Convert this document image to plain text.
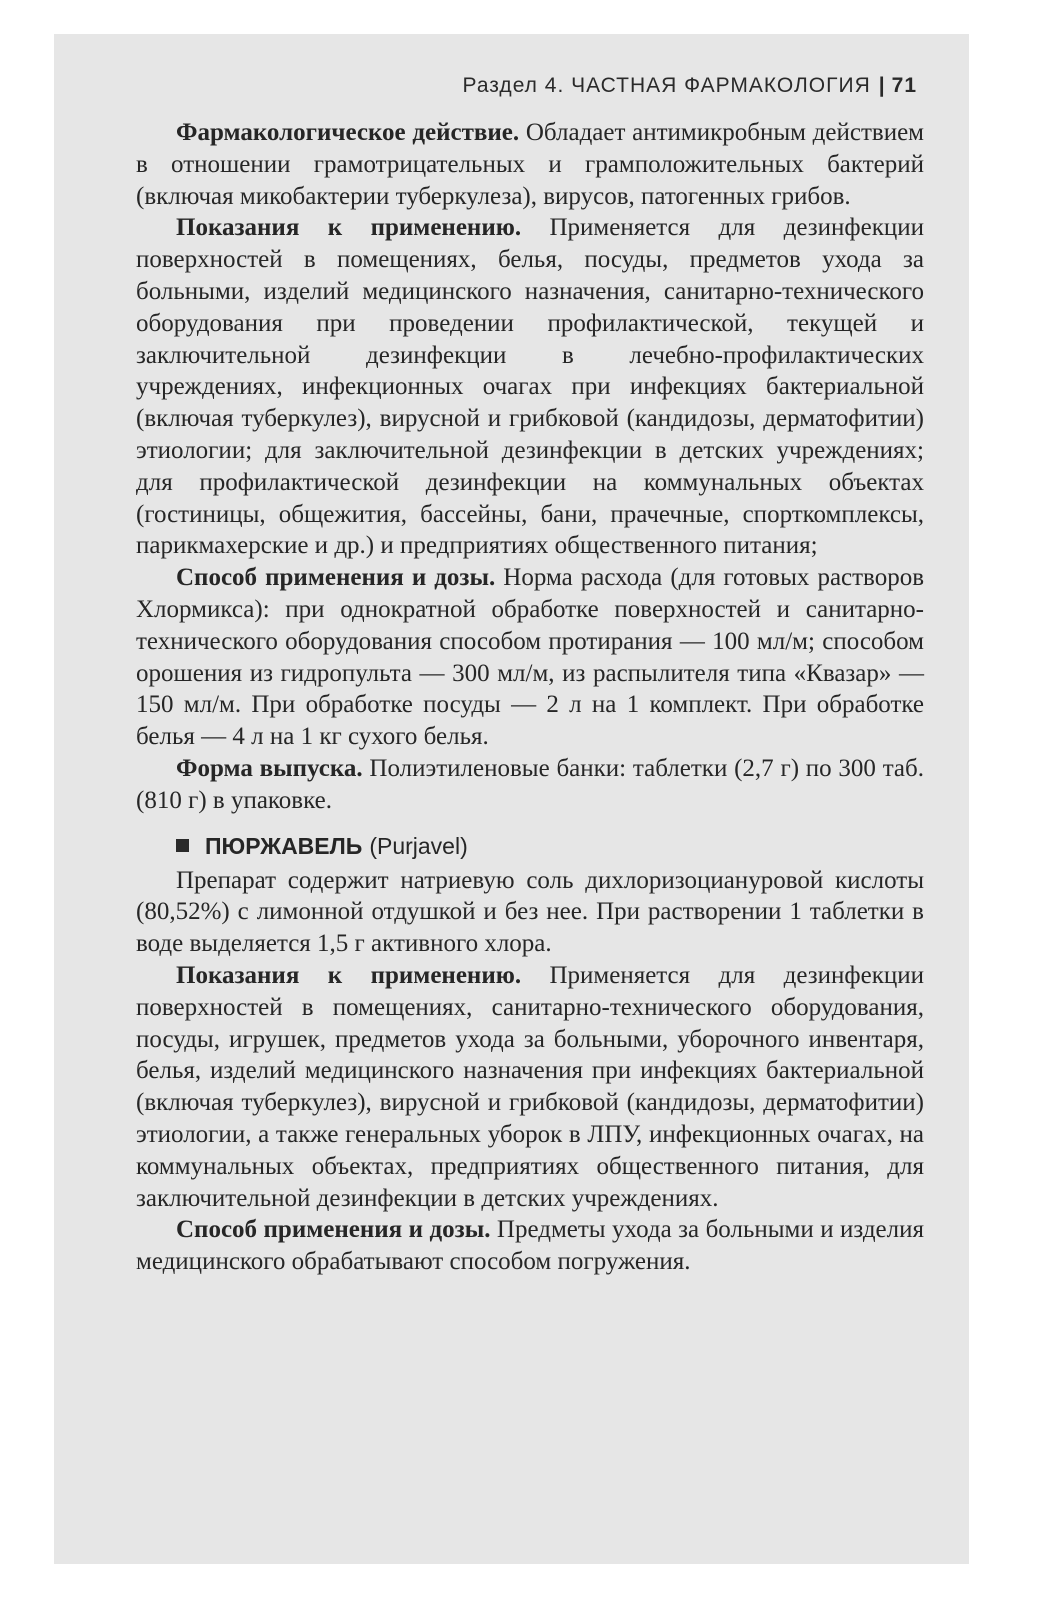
Раздел 4. ЧАСТНАЯ ФАРМАКОЛОГИЯ | 71

Фармакологическое действие. Обладает антимикробным действием в отношении грамотрицательных и грамположительных бактерий (включая микобактерии туберкулеза), вирусов, патогенных грибов.

Показания к применению. Применяется для дезинфекции поверхностей в помещениях, белья, посуды, предметов ухода за больными, изделий медицинского назначения, санитарно-технического оборудования при проведении профилактической, текущей и заключительной дезинфекции в лечебно-профилактических учреждениях, инфекционных очагах при инфекциях бактериальной (включая туберкулез), вирусной и грибковой (кандидозы, дерматофитии) этиологии; для заключительной дезинфекции в детских учреждениях; для профилактической дезинфекции на коммунальных объектах (гостиницы, общежития, бассейны, бани, прачечные, спорткомплексы, парикмахерские и др.) и предприятиях общественного питания;

Способ применения и дозы. Норма расхода (для готовых растворов Хлормикса): при однократной обработке поверхностей и санитарно-технического оборудования способом протирания — 100 мл/м; способом орошения из гидропульта — 300 мл/м, из распылителя типа «Квазар» — 150 мл/м. При обработке посуды — 2 л на 1 комплект. При обработке белья — 4 л на 1 кг сухого белья.

Форма выпуска. Полиэтиленовые банки: таблетки (2,7 г) по 300 таб. (810 г) в упаковке.

ПЮРЖАВЕЛЬ (Purjavel)

Препарат содержит натриевую соль дихлоризоциануровой кислоты (80,52%) с лимонной отдушкой и без нее. При растворении 1 таблетки в воде выделяется 1,5 г активного хлора.

Показания к применению. Применяется для дезинфекции поверхностей в помещениях, санитарно-технического оборудования, посуды, игрушек, предметов ухода за больными, уборочного инвентаря, белья, изделий медицинского назначения при инфекциях бактериальной (включая туберкулез), вирусной и грибковой (кандидозы, дерматофитии) этиологии, а также генеральных уборок в ЛПУ, инфекционных очагах, на коммунальных объектах, предприятиях общественного питания, для заключительной дезинфекции в детских учреждениях.

Способ применения и дозы. Предметы ухода за больными и изделия медицинского обрабатывают способом погружения.
